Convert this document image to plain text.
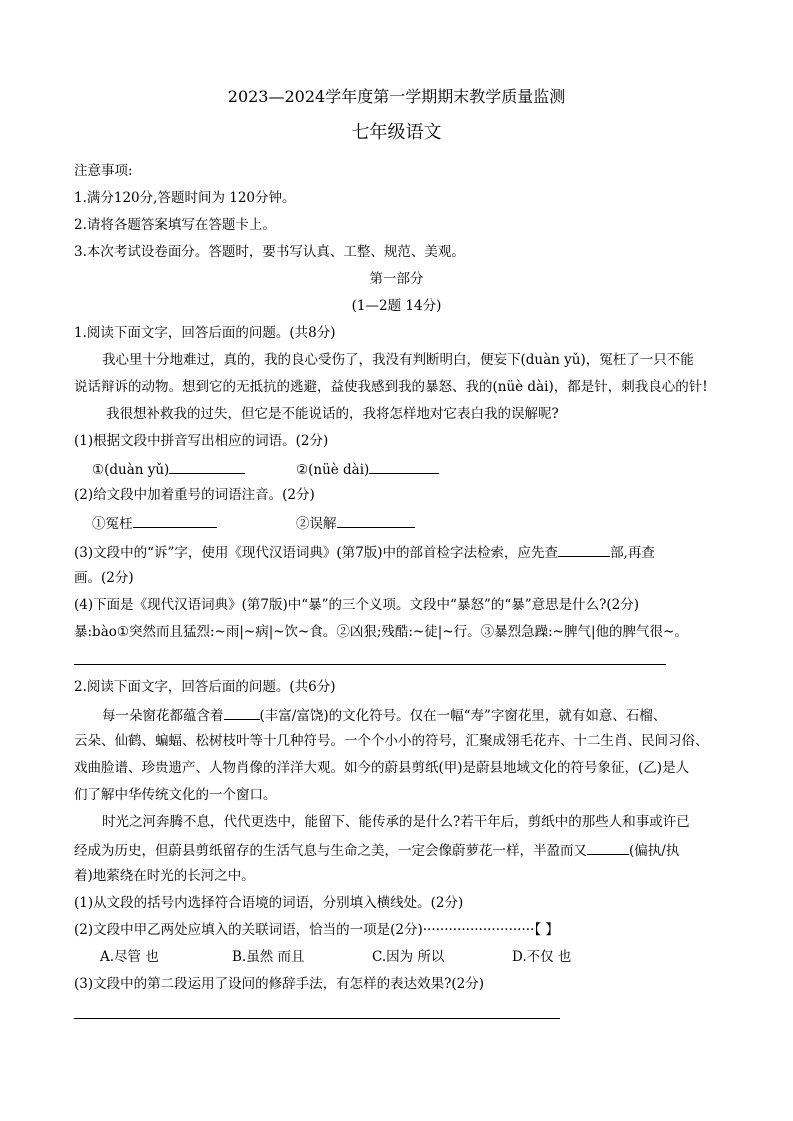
2023—2024学年度第一学期期末教学质量监测
七年级语文
注意事项:
1.满分120分,答题时间为 120分钟。
2.请将各题答案填写在答题卡上。
3.本次考试设卷面分。答题时，要书写认真、工整、规范、美观。
第一部分
(1—2题 14分)
1.阅读下面文字，回答后面的问题。(共8分)
我心里十分地难过，真的，我的良心受伤了，我没有判断明白，便妄下(duàn yǔ)，冤枉了一只不能
说话辩诉的动物。想到它的无抵抗的逃避，益使我感到我的暴怒、我的(nüè dài)，都是针，刺我良心的针!
我很想补救我的过失，但它是不能说话的，我将怎样地对它表白我的误解呢?
(1)根据文段中拼音写出相应的词语。(2分)
①(duàn yǔ)	②(nüè dài)
(2)给文段中加着重号的词语注音。(2分)
①冤枉	②误解
(3)文段中的“诉”字，使用《现代汉语词典》(第7版)中的部首检字法检索，应先查	部,再查
画。(2分)
(4)下面是《现代汉语词典》(第7版)中“暴”的三个义项。文段中“暴怒”的“暴”意思是什么?(2分)
暴:bào①突然而且猛烈:~雨|~病|~饮~食。②凶狠;残酷:~徒|~行。③暴烈急躁:~脾气|他的脾气很~。
2.阅读下面文字，回答后面的问题。(共6分)
每一朵窗花都蕴含着	(丰富/富饶)的文化符号。仅在一幅“寿”字窗花里，就有如意、石榴、
云朵、仙鹤、蝙蝠、松树枝叶等十几种符号。一个个小小的符号，汇聚成翎毛花卉、十二生肖、民间习俗、
戏曲脸谱、珍贵遗产、人物肖像的洋洋大观。如今的蔚县剪纸(甲)是蔚县地域文化的符号象征，(乙)是人
们了解中华传统文化的一个窗口。
时光之河奔腾不息，代代更迭中，能留下、能传承的是什么?若干年后，剪纸中的那些人和事或许已
经成为历史，但蔚县剪纸留存的生活气息与生命之美，一定会像蔚萝花一样，半盈而又	(偏执/执
着)地萦绕在时光的长河之中。
(1)从文段的括号内选择符合语境的词语，分别填入横线处。(2分)
(2)文段中甲乙两处应填入的关联词语，恰当的一项是(2分)··························【 】
A.尽管 也	B.虽然 而且	C.因为 所以	D.不仅 也
(3)文段中的第二段运用了设问的修辞手法，有怎样的表达效果?(2分)
